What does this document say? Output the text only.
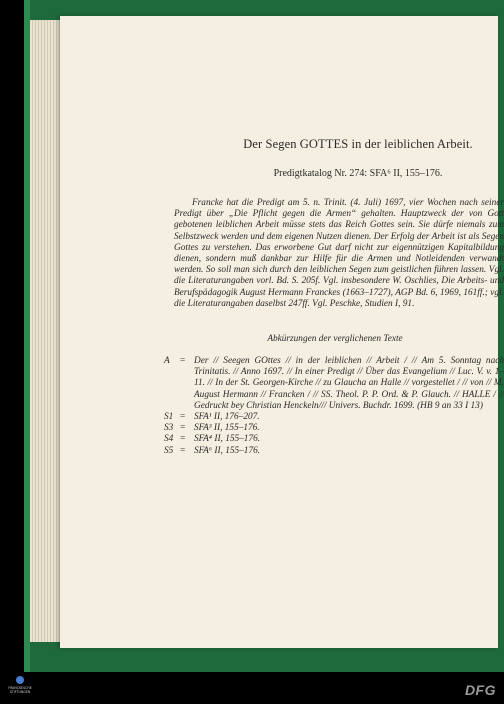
Der Segen GOTTES in der leiblichen Arbeit.
Predigtkatalog Nr. 274: SFA⁶ II, 155–176.
Francke hat die Predigt am 5. n. Trinit. (4. Juli) 1697, vier Wochen nach seiner Predigt über „Die Pflicht gegen die Armen“ gehalten. Hauptzweck der von Gott gebotenen leiblichen Arbeit müsse stets das Reich Gottes sein. Sie dürfe niemals zum Selbstzweck werden und dem eigenen Nutzen dienen. Der Erfolg der Arbeit ist als Segen Gottes zu verstehen. Das erworbene Gut darf nicht zur eigennützigen Kapitalbildung dienen, sondern muß dankbar zur Hilfe für die Armen und Notleidenden verwandt werden. So soll man sich durch den leiblichen Segen zum geistlichen führen lassen. Vgl. die Literaturangaben vorl. Bd. S. 205f. Vgl. insbesondere W. Oschlies, Die Arbeits- und Berufspädagogik August Hermann Franckes (1663–1727), AGP Bd. 6, 1969, 161ff.; vgl. die Literaturangaben daselbst 247ff. Vgl. Peschke, Studien I, 91.
Abkürzungen der verglichenen Texte
A	= Der // Seegen GOttes // in der leiblichen // Arbeit / // Am 5. Sonntag nach Trinitatis. // Anno 1697. // In einer Predigt // Über das Evangelium // Luc. V. v. 1–11. // In der St. Georgen-Kirche // zu Glaucha an Halle // vorgestellet / // von // M. August Hermann // Francken / // SS. Theol. P. P. Ord. & P. Glauch. // HALLE / // Gedruckt bey Christian Henckeln/// Univers. Buchdr. 1699. (HB 9 an 33 I 13)
S1 = SFA¹ II, 176–207.
S3 = SFA³ II, 155–176.
S4 = SFA⁴ II, 155–176.
S5 = SFA⁶ II, 155–176.
FRANCKESCHE STIFTUNGEN	DFG
